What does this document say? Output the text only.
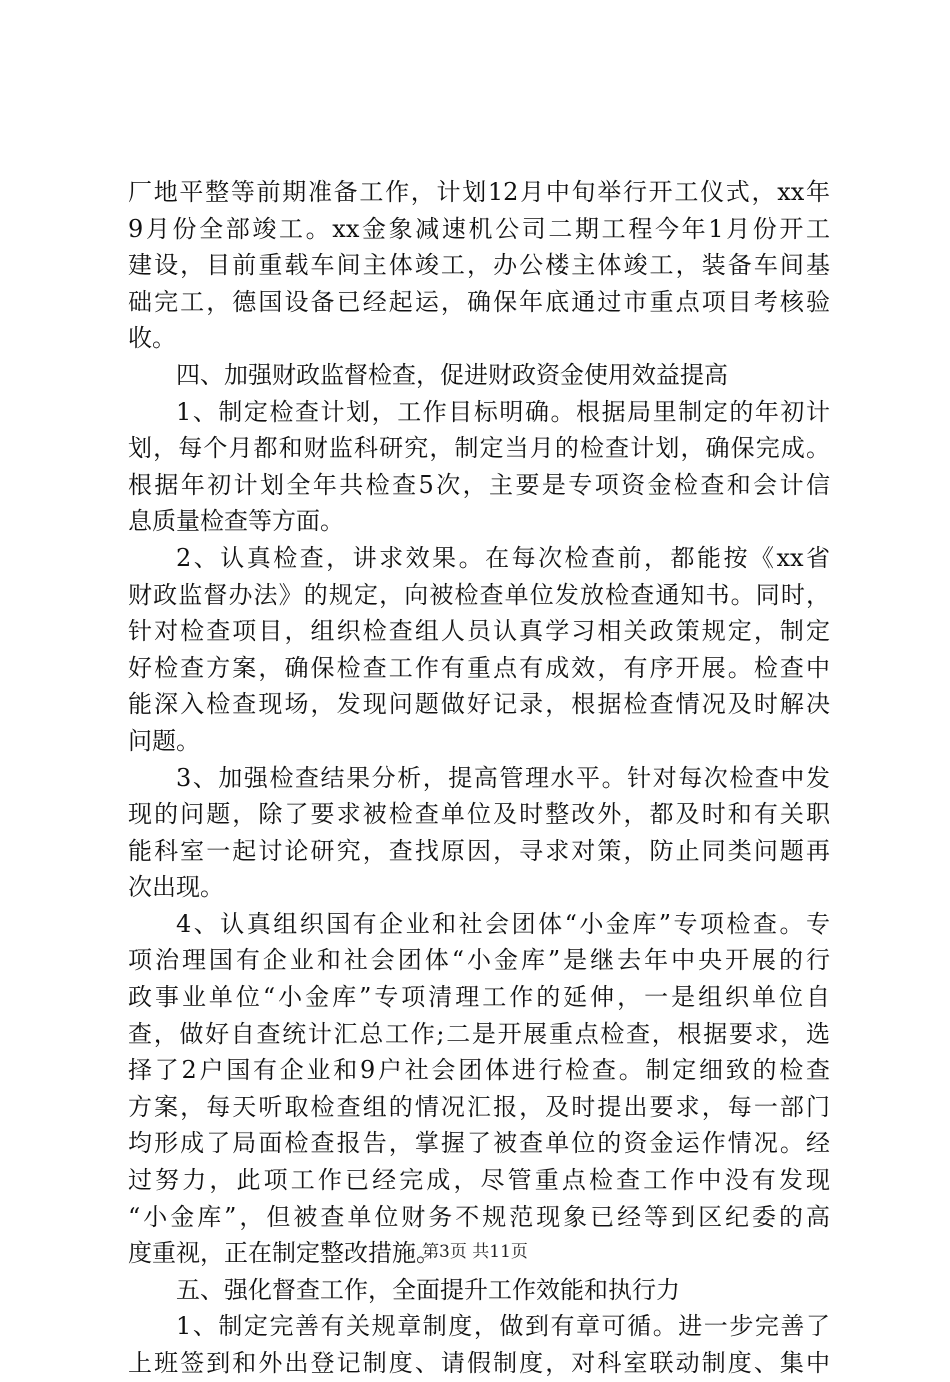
厂地平整等前期准备工作，计划12月中旬举行开工仪式，xx年
9月份全部竣工。xx金象减速机公司二期工程今年1月份开工
建设，目前重载车间主体竣工，办公楼主体竣工，装备车间基
础完工，德国设备已经起运，确保年底通过市重点项目考核验
收。
四、加强财政监督检查，促进财政资金使用效益提高
1、制定检查计划，工作目标明确。根据局里制定的年初计
划，每个月都和财监科研究，制定当月的检查计划，确保完成。
根据年初计划全年共检查5次，主要是专项资金检查和会计信
息质量检查等方面。
2、认真检查，讲求效果。在每次检查前，都能按《xx省
财政监督办法》的规定，向被检查单位发放检查通知书。同时，
针对检查项目，组织检查组人员认真学习相关政策规定，制定
好检查方案，确保检查工作有重点有成效，有序开展。检查中
能深入检查现场，发现问题做好记录，根据检查情况及时解决
问题。
3、加强检查结果分析，提高管理水平。针对每次检查中发
现的问题，除了要求被检查单位及时整改外，都及时和有关职
能科室一起讨论研究，查找原因，寻求对策，防止同类问题再
次出现。
4、认真组织国有企业和社会团体“小金库”专项检查。专
项治理国有企业和社会团体“小金库”是继去年中央开展的行
政事业单位“小金库”专项清理工作的延伸，一是组织单位自
查，做好自查统计汇总工作;二是开展重点检查，根据要求，选
择了2户国有企业和9户社会团体进行检查。制定细致的检查
方案，每天听取检查组的情况汇报，及时提出要求，每一部门
均形成了局面检查报告，掌握了被查单位的资金运作情况。经
过努力，此项工作已经完成，尽管重点检查工作中没有发现
“小金库”，但被查单位财务不规范现象已经等到区纪委的高
度重视，正在制定整改措施。
五、强化督查工作，全面提升工作效能和执行力
1、制定完善有关规章制度，做到有章可循。进一步完善了
上班签到和外出登记制度、请假制度，对科室联动制度、集中
第3页 共11页
